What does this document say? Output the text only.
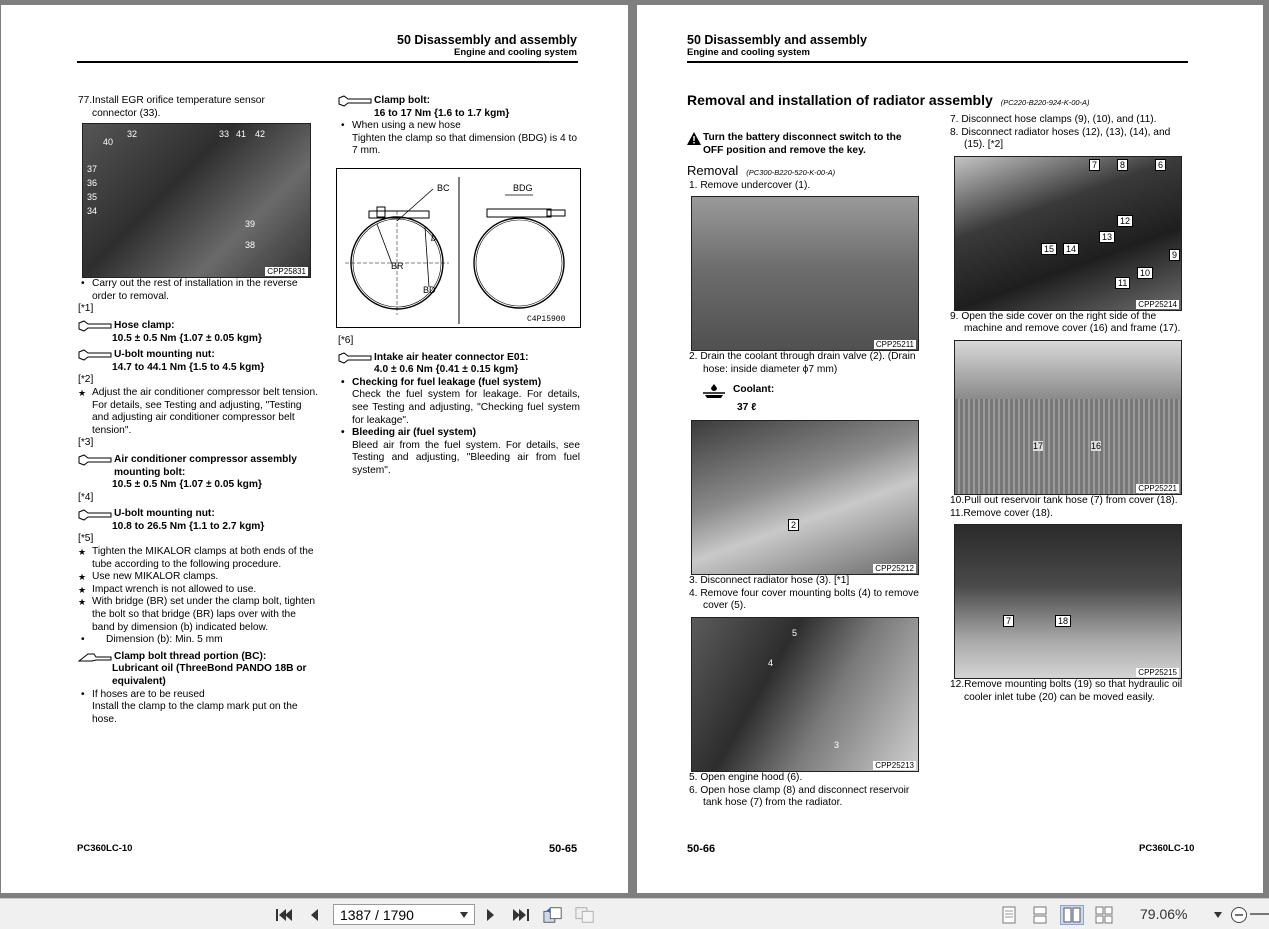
50 Disassembly and assembly
Engine and cooling system

77.Install EGR orifice temperature sensor

connector (33).

32	33 41 42
40
37
36
35
34
39
38
CPP25831

• Carry out the rest of installation in the reverse order to removal.

[*1]

Hose clamp:

10.5 ± 0.5 Nm {1.07 ± 0.05 kgm}

U-bolt mounting nut:

14.7 to 44.1 Nm {1.5 to 4.5 kgm}

[*2]

★ Adjust the air conditioner compressor belt tension. For details, see Testing and adjusting, "Testing and adjusting air conditioner compressor belt tension".

[*3]

Air conditioner compressor assembly mounting bolt:

10.5 ± 0.5 Nm {1.07 ± 0.05 kgm}

[*4]

U-bolt mounting nut:

10.8 to 26.5 Nm {1.1 to 2.7 kgm}

[*5]

★ Tighten the MIKALOR clamps at both ends of the tube according to the following procedure.

★ Use new MIKALOR clamps.

★ Impact wrench is not allowed to use.

★ With bridge (BR) set under the clamp bolt, tighten the bolt so that bridge (BR) laps over with the band by dimension (b) indicated below.

• Dimension (b): Min. 5 mm

Clamp bolt thread portion (BC):

Lubricant oil (ThreeBond PANDO 18B or equivalent)

• If hoses are to be reused

Install the clamp to the clamp mark put on the hose.

Clamp bolt:

16 to 17 Nm {1.6 to 1.7 kgm}

• When using a new hose

Tighten the clamp so that dimension (BDG) is 4 to 7 mm.

BC	BDG
BR
BD
b
C4P15900

[*6]

Intake air heater connector E01:

4.0 ± 0.6 Nm {0.41 ± 0.15 kgm}

• Checking for fuel leakage (fuel system)

Check the fuel system for leakage. For details, see Testing and adjusting, "Checking fuel system for leakage".

• Bleeding air (fuel system)

Bleed air from the fuel system. For details, see Testing and adjusting, "Bleeding air from fuel system".

PC360LC-10	50-65
50 Disassembly and assembly
Engine and cooling system
Removal and installation of radiator assembly (PC220-B220-924-K-00-A)
Turn the battery disconnect switch to the OFF position and remove the key.
Removal (PC300-B220-520-K-00-A)

1. Remove undercover (1).

CPP25211

2. Drain the coolant through drain valve (2). (Drain hose: inside diameter ϕ7 mm)

Coolant:

37 ℓ

2
CPP25212

3. Disconnect radiator hose (3). [*1]

4. Remove four cover mounting bolts (4) to remove cover (5).

5
4
3
CPP25213

5. Open engine hood (6).

6. Open hose clamp (8) and disconnect reservoir tank hose (7) from the radiator.

7. Disconnect hose clamps (9), (10), and (11).

8. Disconnect radiator hoses (12), (13), (14), and (15). [*2]

7	8	6
12
13
15	14
9
10
11
CPP25214

9. Open the side cover on the right side of the machine and remove cover (16) and frame (17).

17	16
CPP25221

10.Pull out reservoir tank hose (7) from cover (18).

11.Remove cover (18).

7	18
CPP25215

12.Remove mounting bolts (19) so that hydraulic oil cooler inlet tube (20) can be moved easily.

50-66	PC360LC-10
1387 / 1790	79.06%
